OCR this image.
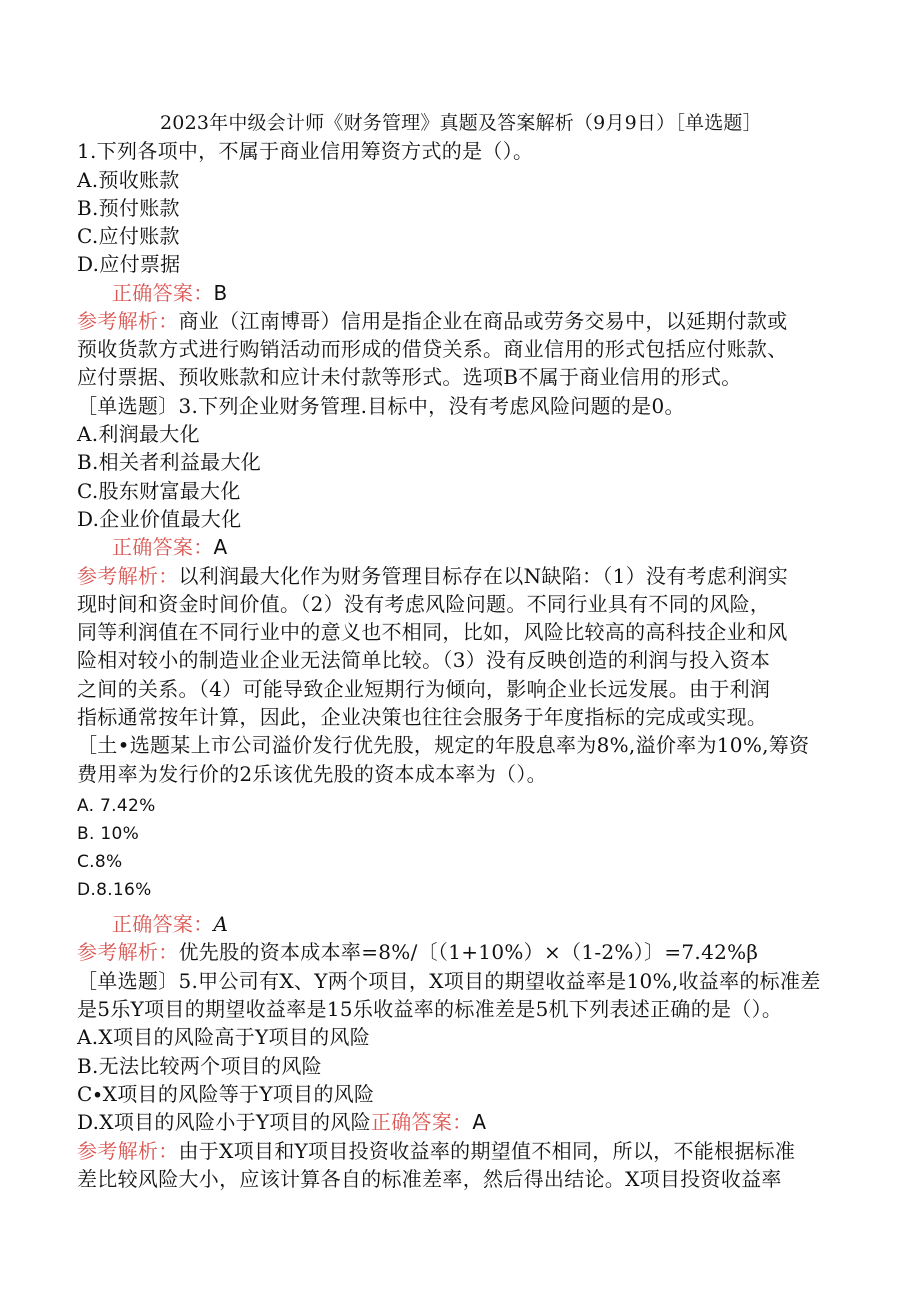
2023年中级会计师《财务管理》真题及答案解析（9月9日）［单选题］
1.下列各项中，不属于商业信用筹资方式的是（）。
A.预收账款
B.预付账款
C.应付账款
D.应付票据
正确答案：B
参考解析：商业（江南博哥）信用是指企业在商品或劳务交易中，以延期付款或
预收货款方式进行购销活动而形成的借贷关系。商业信用的形式包括应付账款、
应付票据、预收账款和应计未付款等形式。选项B不属于商业信用的形式。
［单选题〕3.下列企业财务管理.目标中，没有考虑风险问题的是0。
A.利润最大化
B.相关者利益最大化
C.股东财富最大化
D.企业价值最大化
正确答案：A
参考解析：以利润最大化作为财务管理目标存在以N缺陷：（1）没有考虑利润实
现时间和资金时间价值。（2）没有考虑风险问题。不同行业具有不同的风险，
同等利润值在不同行业中的意义也不相同，比如，风险比较高的高科技企业和风
险相对较小的制造业企业无法简单比较。（3）没有反映创造的利润与投入资本
之间的关系。（4）可能导致企业短期行为倾向，影响企业长远发展。由于利润
指标通常按年计算，因此，企业决策也往往会服务于年度指标的完成或实现。
［土•选题某上市公司溢价发行优先股，规定的年股息率为8%,溢价率为10%,筹资
费用率为发行价的2乐该优先股的资本成本率为（）。
A. 7.42%
B. 10%
C.8%
D.8.16%
正确答案：A
参考解析：优先股的资本成本率=8%∕〔（1+10%）×（1-2%）〕=7.42%β
［单选题〕5.甲公司有X、Y两个项目，X项目的期望收益率是10%,收益率的标准差
是5乐Y项目的期望收益率是15乐收益率的标准差是5机下列表述正确的是（）。
A.X项目的风险高于Y项目的风险
B.无法比较两个项目的风险
C∙X项目的风险等于Y项目的风险
D.X项目的风险小于Y项目的风险正确答案：A
参考解析：由于X项目和Y项目投资收益率的期望值不相同，所以，不能根据标准
差比较风险大小，应该计算各自的标准差率，然后得出结论。X项目投资收益率
